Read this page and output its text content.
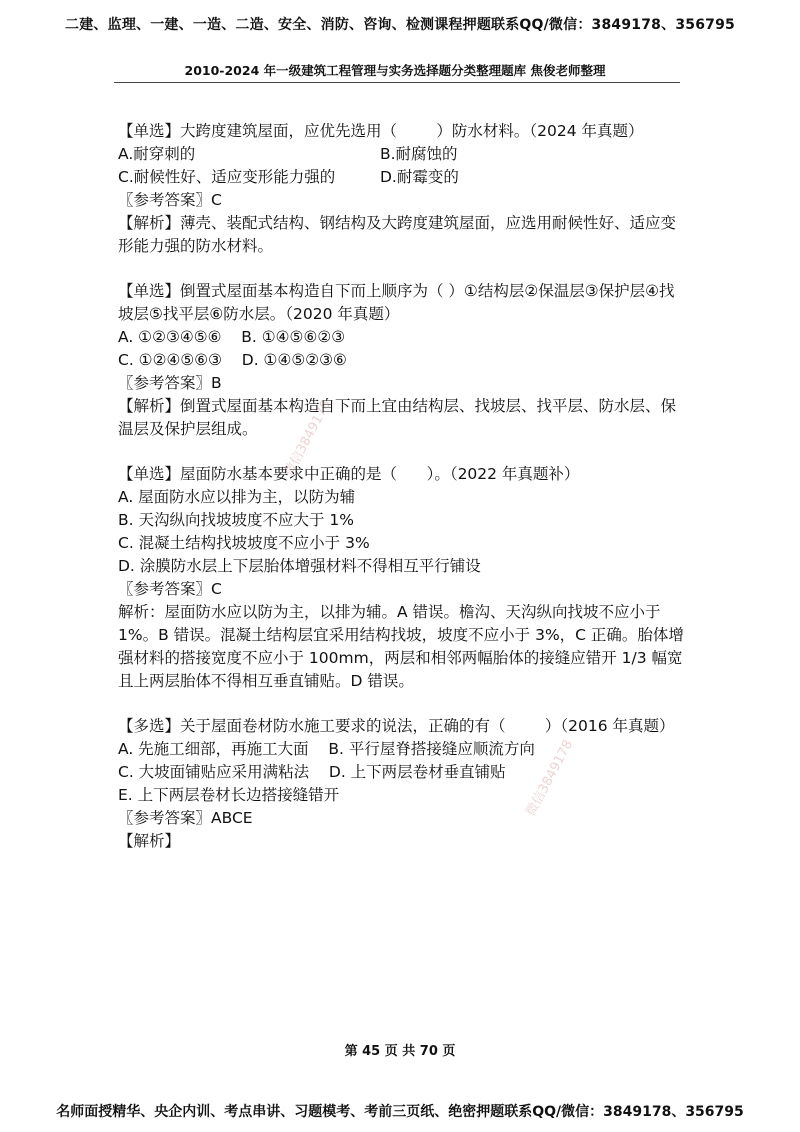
二建、监理、一建、一造、二造、安全、消防、咨询、检测课程押题联系QQ/微信：3849178、356795
2010-2024 年一级建筑工程管理与实务选择题分类整理题库 焦俊老师整理
微信3849178
微信3849178
【单选】大跨度建筑屋面，应优先选用（        ）防水材料。（2024 年真题）
A.耐穿刺的	B.耐腐蚀的
C.耐候性好、适应变形能力强的	D.耐霉变的
〖参考答案〗C
【解析】薄壳、装配式结构、钢结构及大跨度建筑屋面，应选用耐候性好、适应变形能力强的防水材料。
【单选】倒置式屋面基本构造自下而上顺序为（ ）①结构层②保温层③保护层④找坡层⑤找平层⑥防水层。（2020 年真题）
A. ①②③④⑤⑥    B. ①④⑤⑥②③
C. ①②④⑤⑥③    D. ①④⑤②③⑥
〖参考答案〗B
【解析】倒置式屋面基本构造自下而上宜由结构层、找坡层、找平层、防水层、保温层及保护层组成。
【单选】屋面防水基本要求中正确的是（      ）。（2022 年真题补）
A. 屋面防水应以排为主，以防为辅
B. 天沟纵向找坡坡度不应大于 1%
C. 混凝土结构找坡坡度不应小于 3%
D. 涂膜防水层上下层胎体增强材料不得相互平行铺设
〖参考答案〗C
解析：屋面防水应以防为主，以排为辅。A 错误。檐沟、天沟纵向找坡不应小于1%。B 错误。混凝土结构层宜采用结构找坡，坡度不应小于 3%，C 正确。胎体增强材料的搭接宽度不应小于 100mm，两层和相邻两幅胎体的接缝应错开 1/3 幅宽且上两层胎体不得相互垂直铺贴。D 错误。
【多选】关于屋面卷材防水施工要求的说法，正确的有（        ）（2016 年真题）
A. 先施工细部，再施工大面    B. 平行屋脊搭接缝应顺流方向
C. 大坡面铺贴应采用满粘法    D. 上下两层卷材垂直铺贴
E. 上下两层卷材长边搭接缝错开
〖参考答案〗ABCE
【解析】
第 45 页 共 70 页
名师面授精华、央企内训、考点串讲、习题模考、考前三页纸、绝密押题联系QQ/微信：3849178、356795
